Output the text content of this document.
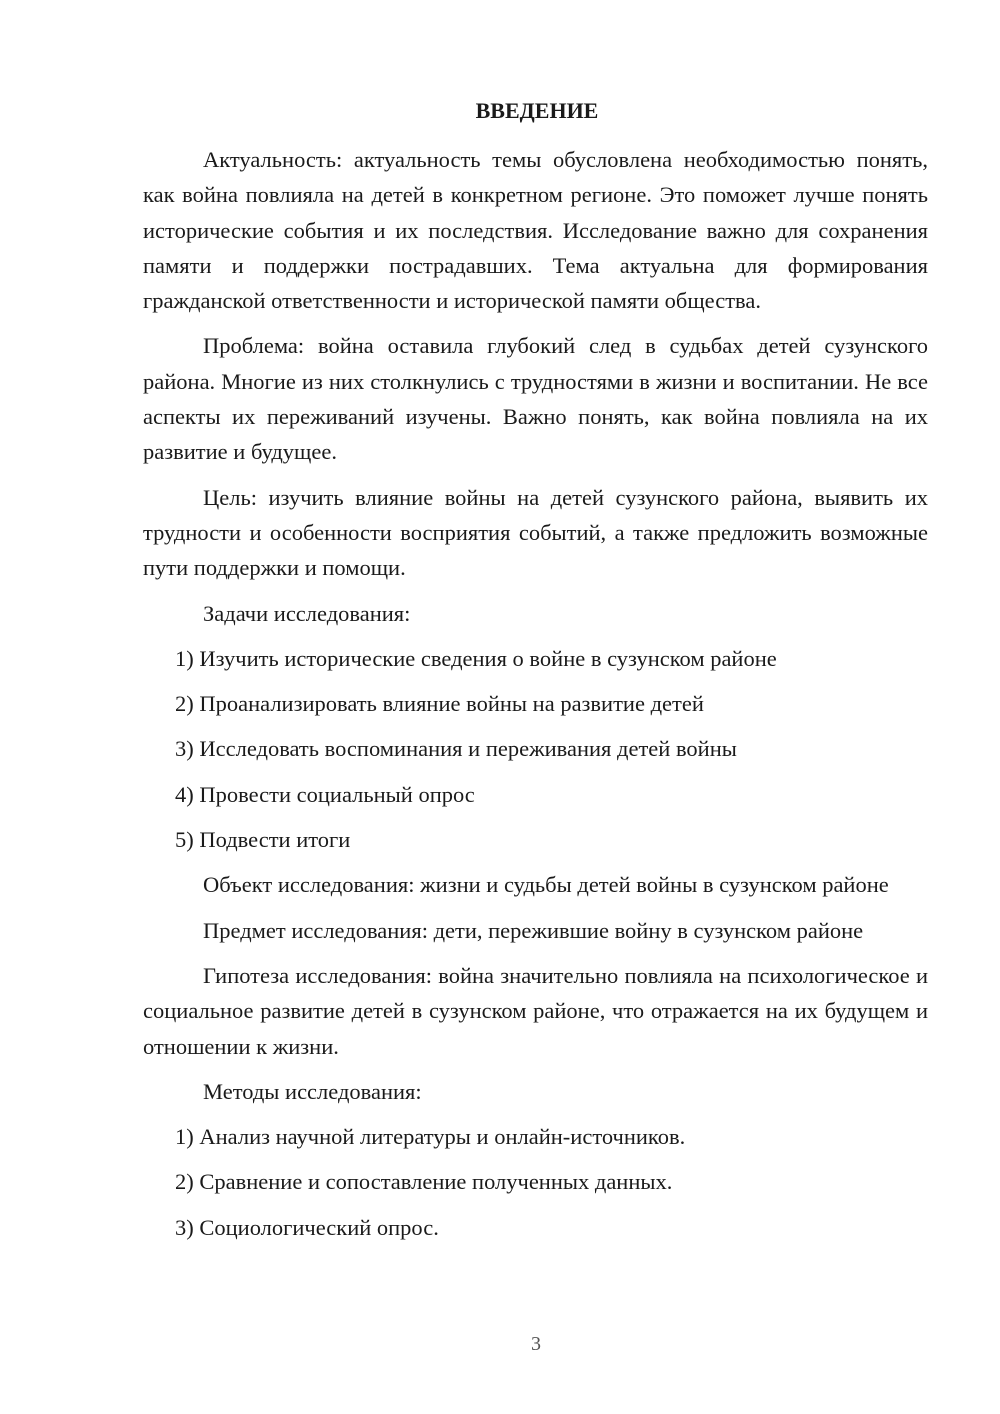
ВВЕДЕНИЕ

Актуальность: актуальность темы обусловлена необходимостью понять, как война повлияла на детей в конкретном регионе. Это поможет лучше понять исторические события и их последствия. Исследование важно для сохранения памяти и поддержки пострадавших. Тема актуальна для формирования гражданской ответственности и исторической памяти общества.

Проблема: война оставила глубокий след в судьбах детей сузунского района. Многие из них столкнулись с трудностями в жизни и воспитании. Не все аспекты их переживаний изучены. Важно понять, как война повлияла на их развитие и будущее.

Цель: изучить влияние войны на детей сузунского района, выявить их трудности и особенности восприятия событий, а также предложить возможные пути поддержки и помощи.

Задачи исследования:

1) Изучить исторические сведения о войне в сузунском районе
2) Проанализировать влияние войны на развитие детей
3) Исследовать воспоминания и переживания детей войны
4) Провести социальный опрос
5) Подвести итоги

Объект исследования: жизни и судьбы детей войны в сузунском районе

Предмет исследования: дети, пережившие войну в сузунском районе

Гипотеза исследования: война значительно повлияла на психологическое и социальное развитие детей в сузунском районе, что отражается на их будущем и отношении к жизни.

Методы исследования:

1) Анализ научной литературы и онлайн-источников.
2) Сравнение и сопоставление полученных данных.
3) Социологический опрос.
3
